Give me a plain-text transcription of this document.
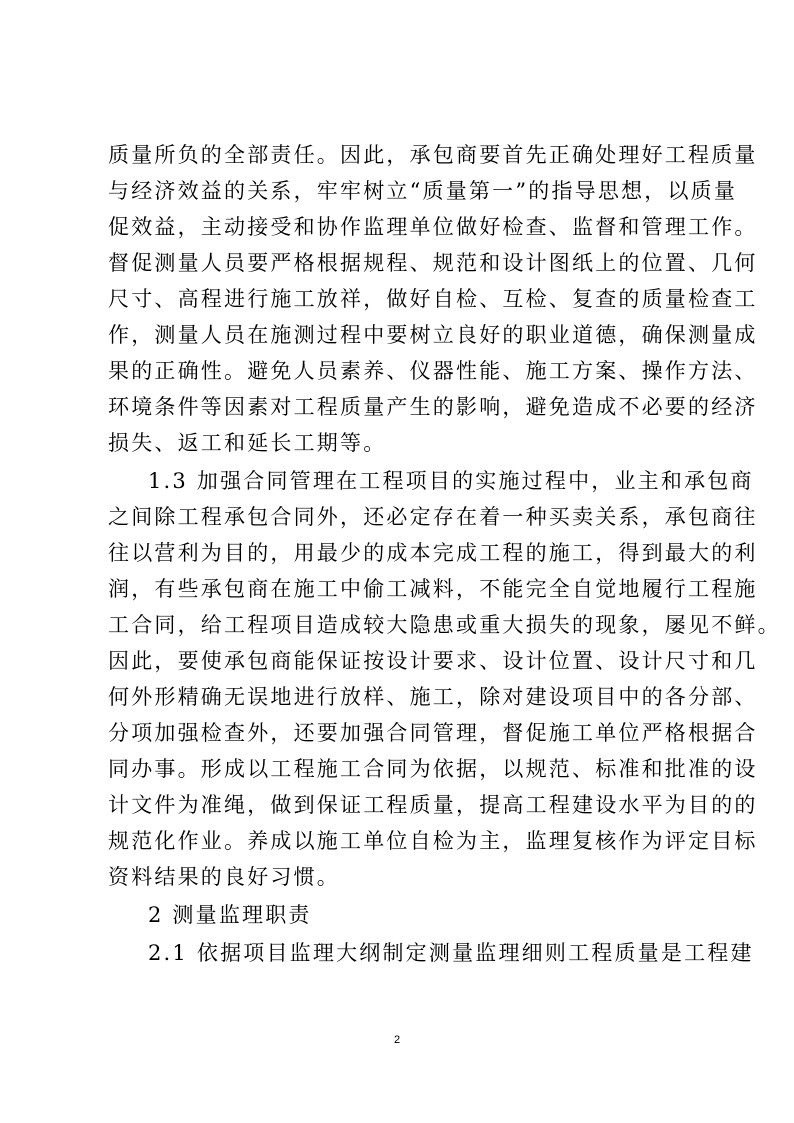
质量所负的全部责任。因此，承包商要首先正确处理好工程质量
与经济效益的关系，牢牢树立“质量第一”的指导思想，以质量
促效益，主动接受和协作监理单位做好检查、监督和管理工作。
督促测量人员要严格根据规程、规范和设计图纸上的位置、几何
尺寸、高程进行施工放祥，做好自检、互检、复查的质量检查工
作，测量人员在施测过程中要树立良好的职业道德，确保测量成
果的正确性。避免人员素养、仪器性能、施工方案、操作方法、
环境条件等因素对工程质量产生的影响，避免造成不必要的经济
损失、返工和延长工期等。
1.3 加强合同管理在工程项目的实施过程中，业主和承包商
之间除工程承包合同外，还必定存在着一种买卖关系，承包商往
往以营利为目的，用最少的成本完成工程的施工，得到最大的利
润，有些承包商在施工中偷工减料，不能完全自觉地履行工程施
工合同，给工程项目造成较大隐患或重大损失的现象，屡见不鲜。
因此，要使承包商能保证按设计要求、设计位置、设计尺寸和几
何外形精确无误地进行放样、施工，除对建设项目中的各分部、
分项加强检查外，还要加强合同管理，督促施工单位严格根据合
同办事。形成以工程施工合同为依据，以规范、标准和批准的设
计文件为准绳，做到保证工程质量，提高工程建设水平为目的的
规范化作业。养成以施工单位自检为主，监理复核作为评定目标
资料结果的良好习惯。
2 测量监理职责
2.1 依据项目监理大纲制定测量监理细则工程质量是工程建
2
